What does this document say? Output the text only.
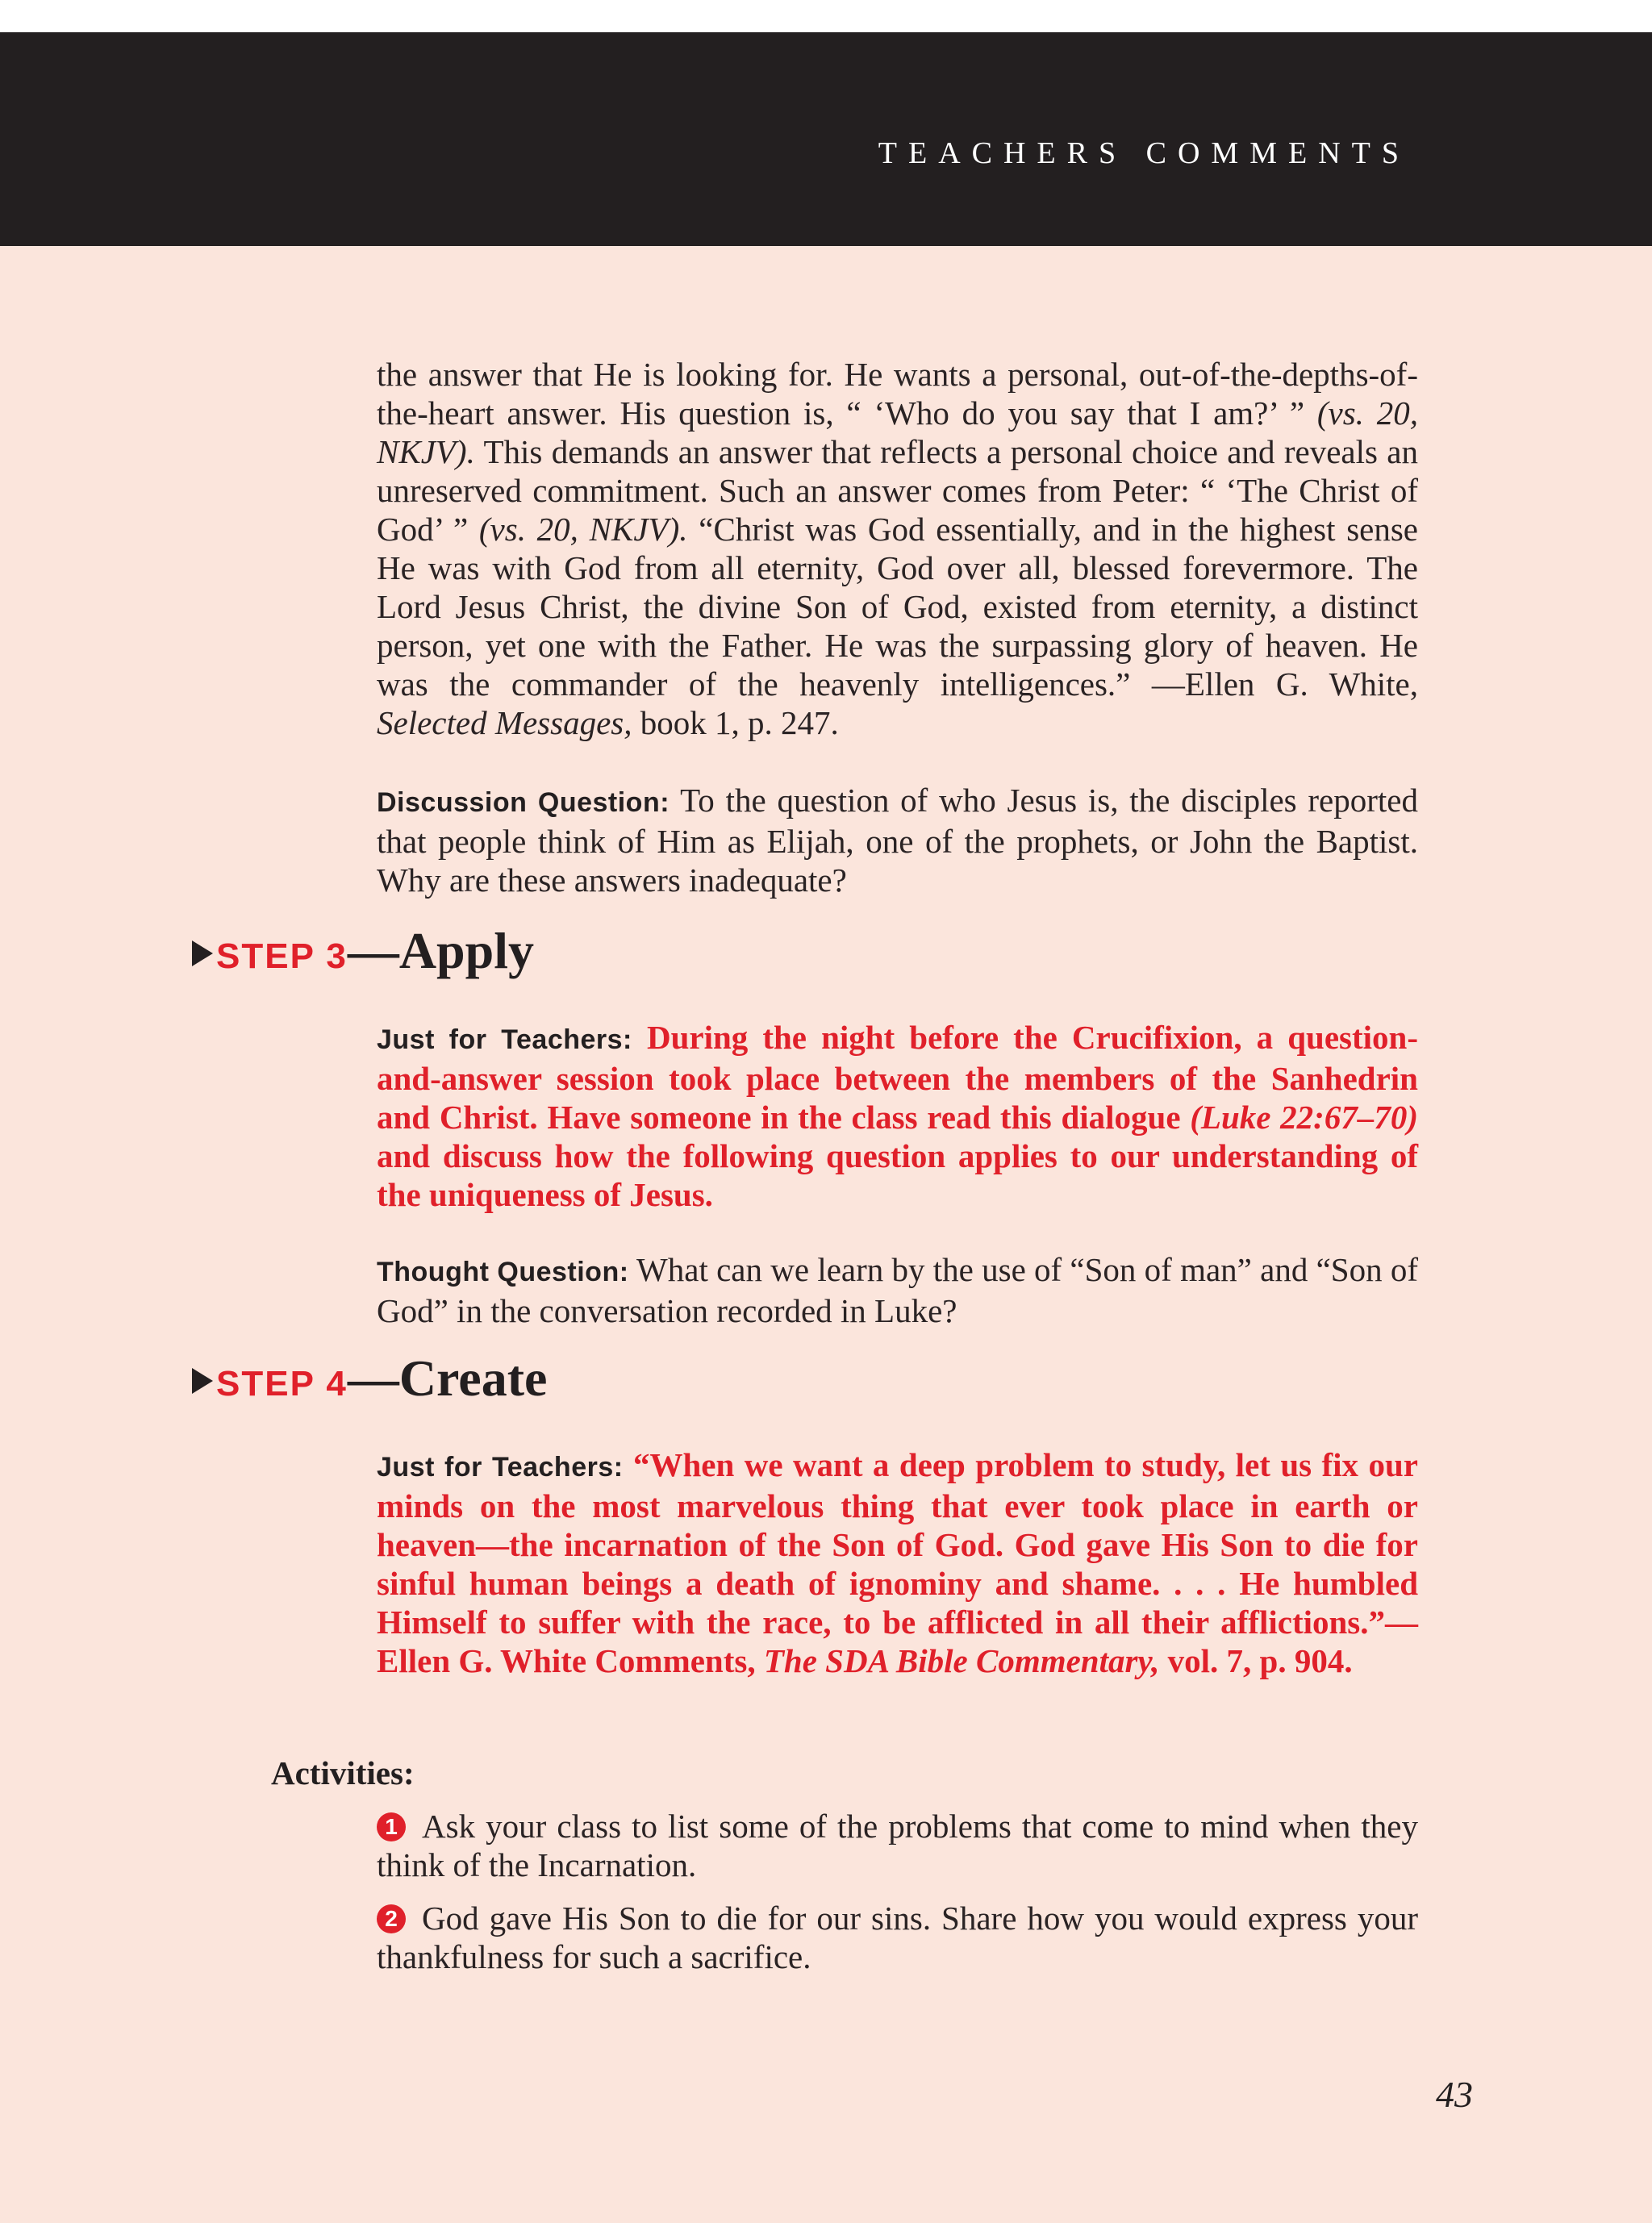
TEACHERS COMMENTS

the answer that He is looking for. He wants a personal, out-of-the-depths-of-the-heart answer. His question is, “ ‘Who do you say that I am?’ ” (vs. 20, NKJV). This demands an answer that reflects a personal choice and reveals an unreserved commitment. Such an answer comes from Peter: “ ‘The Christ of God’ ” (vs. 20, NKJV). “Christ was God essentially, and in the highest sense He was with God from all eternity, God over all, blessed forevermore. The Lord Jesus Christ, the divine Son of God, existed from eternity, a distinct person, yet one with the Father. He was the surpassing glory of heaven. He was the commander of the heavenly intelligences.” —Ellen G. White, Selected Messages, book 1, p. 247.

Discussion Question: To the question of who Jesus is, the disciples reported that people think of Him as Elijah, one of the prophets, or John the Baptist. Why are these answers inadequate?

STEP 3 —Apply

Just for Teachers: During the night before the Crucifixion, a question-and-answer session took place between the members of the Sanhedrin and Christ. Have someone in the class read this dialogue (Luke 22:67–70) and discuss how the following question applies to our understanding of the uniqueness of Jesus.

Thought Question: What can we learn by the use of “Son of man” and “Son of God” in the conversation recorded in Luke?

STEP 4 —Create

Just for Teachers: “When we want a deep problem to study, let us fix our minds on the most marvelous thing that ever took place in earth or heaven—the incarnation of the Son of God. God gave His Son to die for sinful human beings a death of ignominy and shame. . . . He humbled Himself to suffer with the race, to be afflicted in all their afflictions.”—Ellen G. White Comments, The SDA Bible Commentary, vol. 7, p. 904.

Activities:
1 Ask your class to list some of the problems that come to mind when they think of the Incarnation.
2 God gave His Son to die for our sins. Share how you would express your thankfulness for such a sacrifice.
43
